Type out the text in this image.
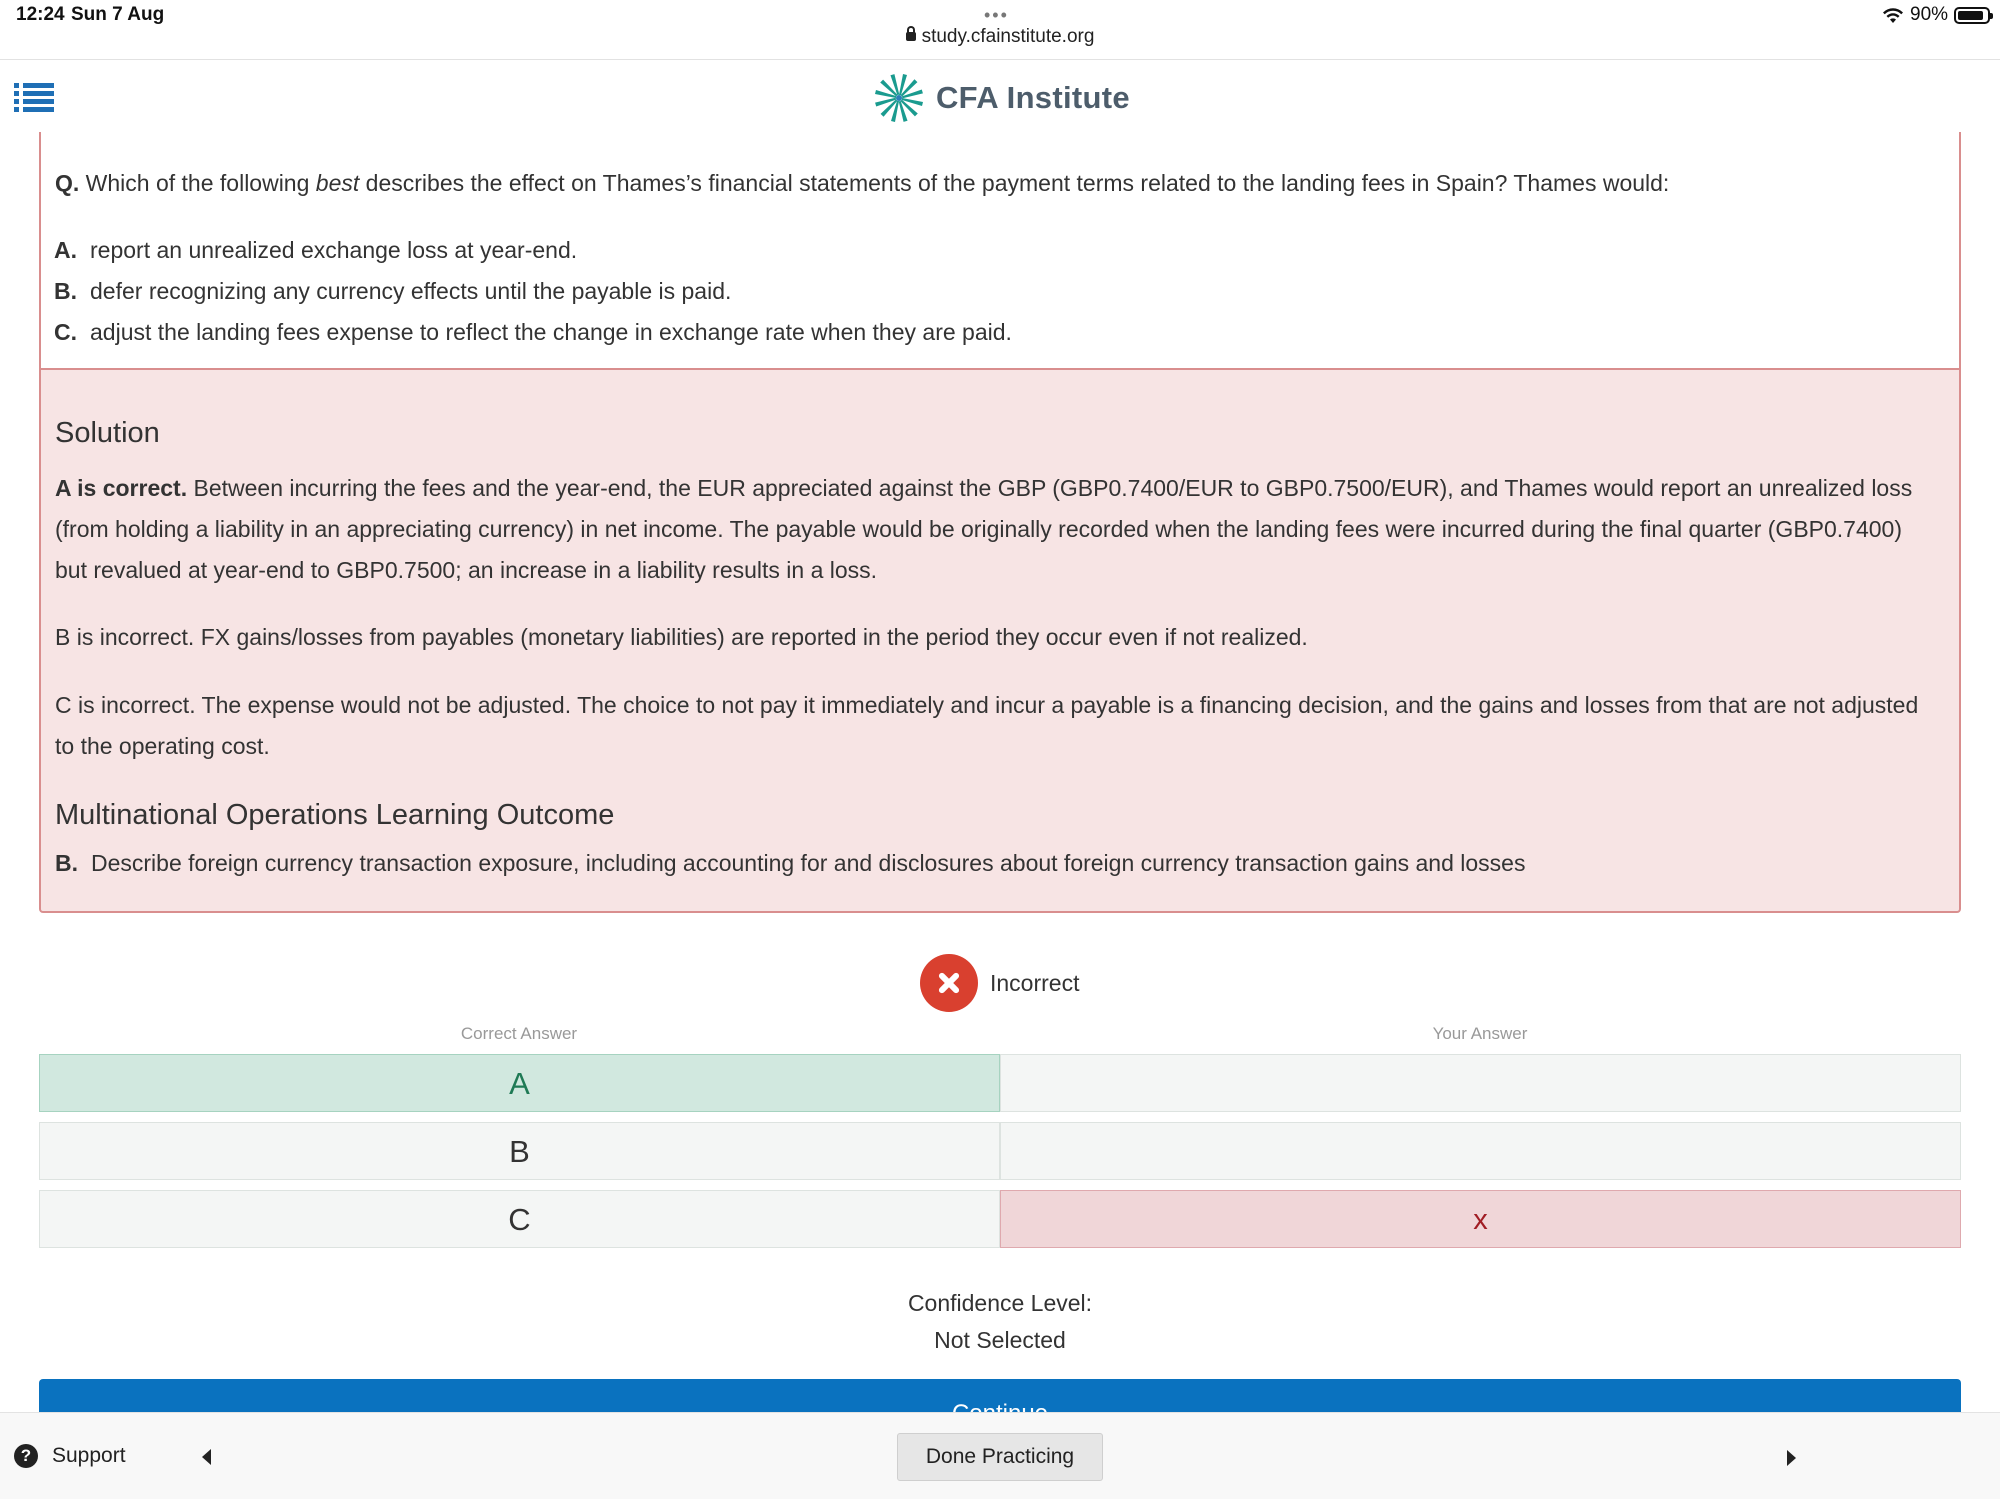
12:24 Sun 7 Aug	•••
study.cfainstitute.org
90%
CFA Institute
Q. Which of the following best describes the effect on Thames’s financial statements of the payment terms related to the landing fees in Spain? Thames would:
A. report an unrealized exchange loss at year-end.
B. defer recognizing any currency effects until the payable is paid.
C. adjust the landing fees expense to reflect the change in exchange rate when they are paid.
Solution
A is correct. Between incurring the fees and the year-end, the EUR appreciated against the GBP (GBP0.7400/EUR to GBP0.7500/EUR), and Thames would report an unrealized loss (from holding a liability in an appreciating currency) in net income. The payable would be originally recorded when the landing fees were incurred during the final quarter (GBP0.7400) but revalued at year-end to GBP0.7500; an increase in a liability results in a loss.
B is incorrect. FX gains/losses from payables (monetary liabilities) are reported in the period they occur even if not realized.
C is incorrect. The expense would not be adjusted. The choice to not pay it immediately and incur a payable is a financing decision, and the gains and losses from that are not adjusted to the operating cost.
Multinational Operations Learning Outcome
B. Describe foreign currency transaction exposure, including accounting for and disclosures about foreign currency transaction gains and losses
Incorrect
Correct Answer	Your Answer
A
B
C	x
Confidence Level:
Not Selected
? Support	Done Practicing
